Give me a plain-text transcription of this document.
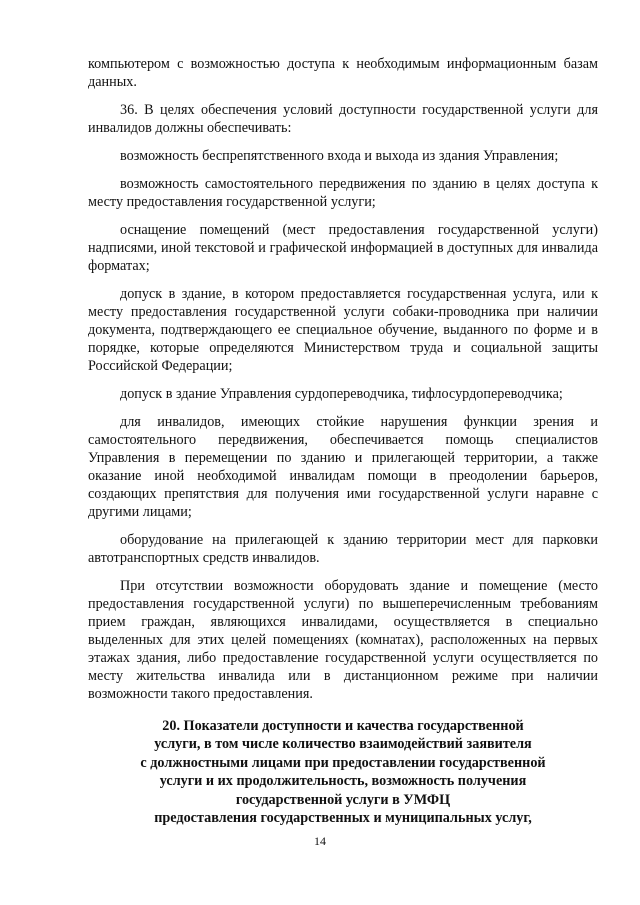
компьютером с возможностью доступа к необходимым информационным базам данных.

36. В целях обеспечения условий доступности государственной услуги для инвалидов должны обеспечивать:

возможность беспрепятственного входа и выхода из здания Управления;

возможность самостоятельного передвижения по зданию в целях доступа к месту предоставления государственной услуги;

оснащение помещений (мест предоставления государственной услуги) надписями, иной текстовой и графической информацией в доступных для инвалида форматах;

допуск в здание, в котором предоставляется государственная услуга, или к месту предоставления государственной услуги собаки-проводника при наличии документа, подтверждающего ее специальное обучение, выданного по форме и в порядке, которые определяются Министерством труда и социальной защиты Российской Федерации;

допуск в здание Управления сурдопереводчика, тифлосурдопереводчика;

для инвалидов, имеющих стойкие нарушения функции зрения и самостоятельного передвижения, обеспечивается помощь специалистов Управления в перемещении по зданию и прилегающей территории, а также оказание иной необходимой инвалидам помощи в преодолении барьеров, создающих препятствия для получения ими государственной услуги наравне с другими лицами;

оборудование на прилегающей к зданию территории мест для парковки автотранспортных средств инвалидов.

При отсутствии возможности оборудовать здание и помещение (место предоставления государственной услуги) по вышеперечисленным требованиям прием граждан, являющихся инвалидами, осуществляется в специально выделенных для этих целей помещениях (комнатах), расположенных на первых этажах здания, либо предоставление государственной услуги осуществляется по месту жительства инвалида или в дистанционном режиме при наличии возможности такого предоставления.

20. Показатели доступности и качества государственной
услуги, в том числе количество взаимодействий заявителя
с должностными лицами при предоставлении государственной
услуги и их продолжительность, возможность получения
государственной услуги в УМФЦ
предоставления государственных и муниципальных услуг,
14
